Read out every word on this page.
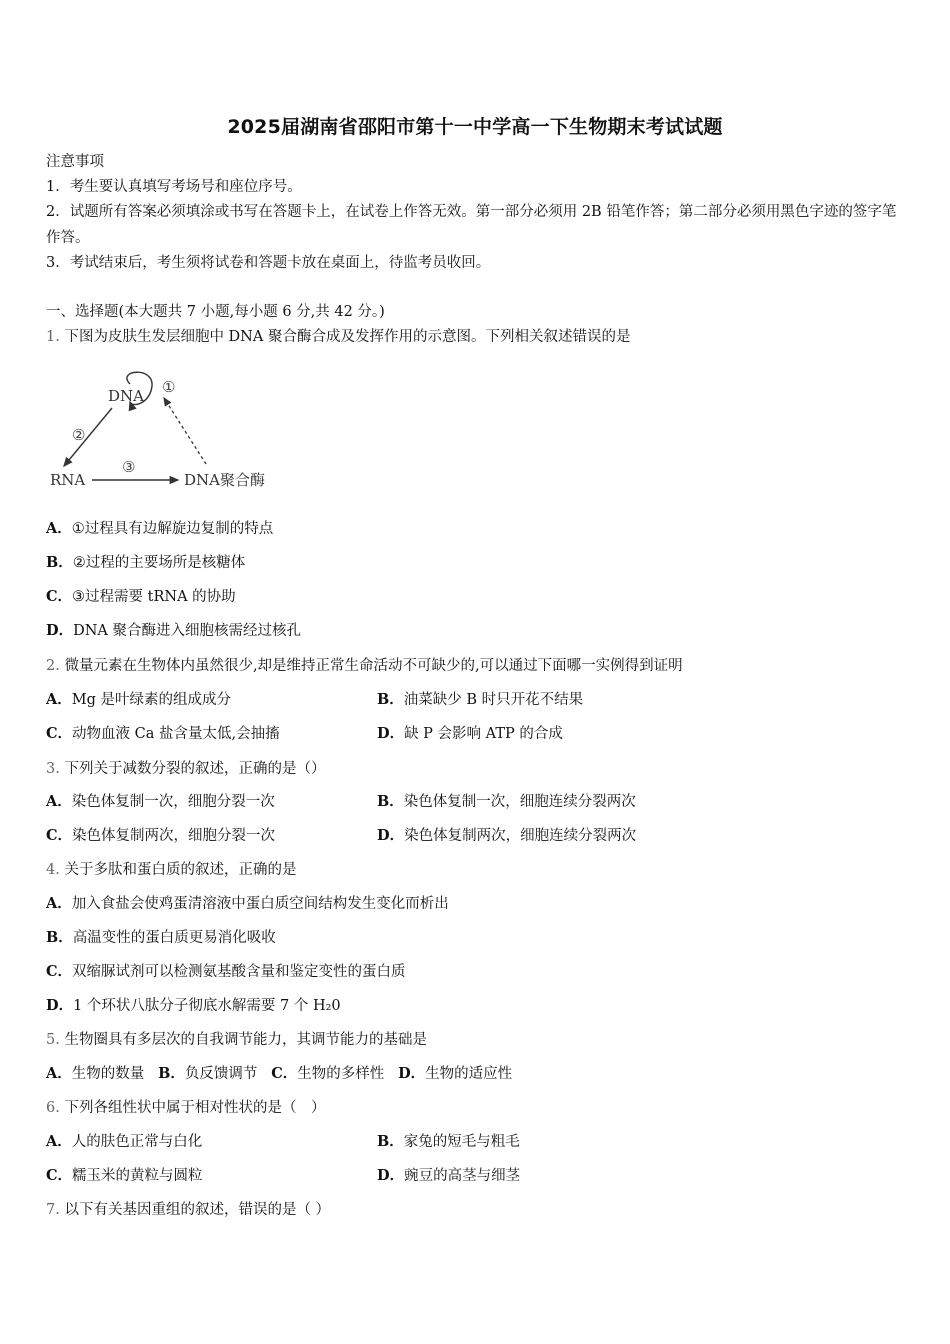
2025届湖南省邵阳市第十一中学高一下生物期末考试试题
注意事项
1．考生要认真填写考场号和座位序号。
2．试题所有答案必须填涂或书写在答题卡上，在试卷上作答无效。第一部分必须用 2B 铅笔作答；第二部分必须用黑色字迹的签字笔作答。
3．考试结束后，考生须将试卷和答题卡放在桌面上，待监考员收回。
一、选择题(本大题共 7 小题,每小题 6 分,共 42 分。)
1. 下图为皮肤生发层细胞中 DNA 聚合酶合成及发挥作用的示意图。下列相关叙述错误的是
DNA ①
②
RNA
③
DNA聚合酶
A．①过程具有边解旋边复制的特点
B．②过程的主要场所是核糖体
C．③过程需要 tRNA 的协助
D．DNA 聚合酶进入细胞核需经过核孔
2. 微量元素在生物体内虽然很少,却是维持正常生命活动不可缺少的,可以通过下面哪一实例得到证明
A．Mg 是叶绿素的组成成分	B．油菜缺少 B 时只开花不结果
C．动物血液 Ca 盐含量太低,会抽搐	D．缺 P 会影响 ATP 的合成
3. 下列关于减数分裂的叙述，正确的是（）
A．染色体复制一次，细胞分裂一次	B．染色体复制一次，细胞连续分裂两次
C．染色体复制两次，细胞分裂一次	D．染色体复制两次，细胞连续分裂两次
4. 关于多肽和蛋白质的叙述，正确的是
A．加入食盐会使鸡蛋清溶液中蛋白质空间结构发生变化而析出
B．高温变性的蛋白质更易消化吸收
C．双缩脲试剂可以检测氨基酸含量和鉴定变性的蛋白质
D．1 个环状八肽分子彻底水解需要 7 个 H₂0
5. 生物圈具有多层次的自我调节能力，其调节能力的基础是
A．生物的数量 B．负反馈调节 C．生物的多样性 D．生物的适应性
6. 下列各组性状中属于相对性状的是（　）
A．人的肤色正常与白化	B．家兔的短毛与粗毛
C．糯玉米的黄粒与圆粒	D．豌豆的高茎与细茎
7. 以下有关基因重组的叙述，错误的是（ ）
